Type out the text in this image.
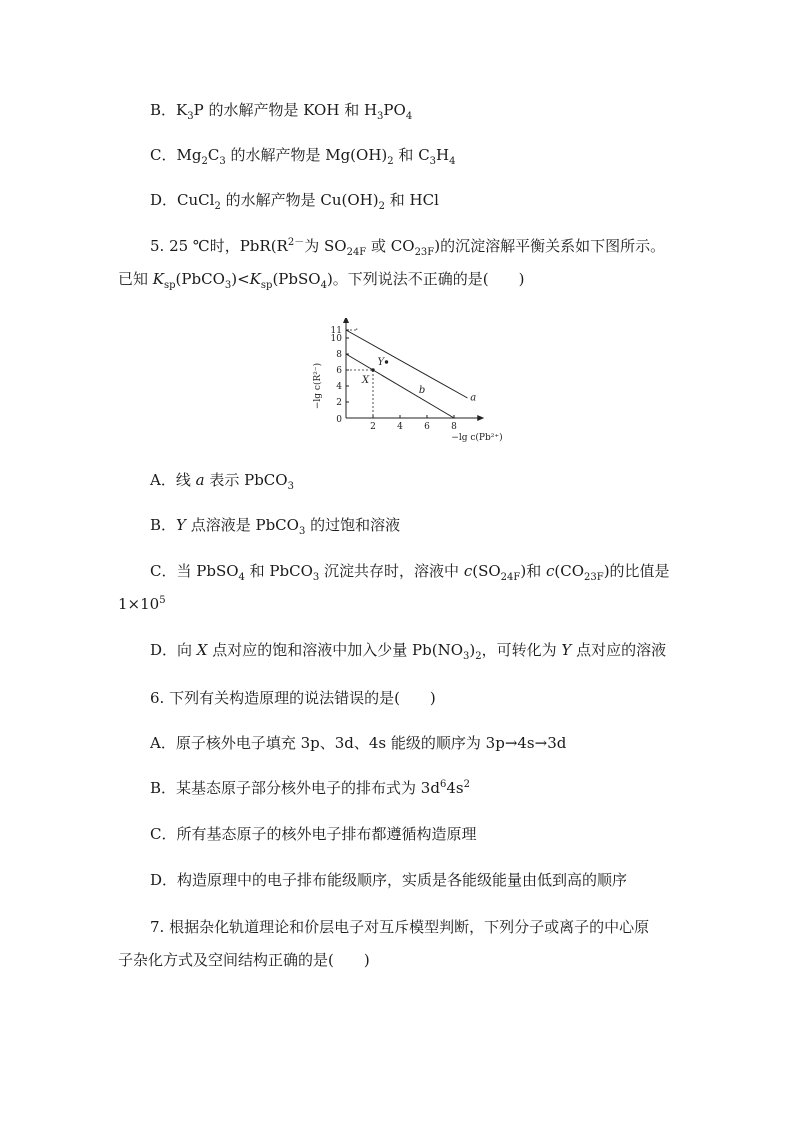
B．$K_3P$ 的水解产物是 KOH 和 $H_3PO_4$
C．$Mg_2C_3$ 的水解产物是 $Mg(OH)_2$ 和 $C_3H_4$
D．CuCl$_2$ 的水解产物是 $Cu(OH)_2$ 和 HCl
5. 25 ℃时，$PbR(R^{2-}$为 $SO_{24F}$ 或 $CO_{23F}$)的沉淀溶解平衡关系如下图所示。
已知 $K_{sp}(PbCO_3)<K_{sp}(PbSO_4)$。下列说法不正确的是(　　)
2 4 6 8
0
2
4
6
8
10
11
a
b
X
Y
−lg c(Pb²⁺)
−lg c(R²⁻)
A．线 a 表示 PbCO$_3$
B．Y 点溶液是 PbCO$_3$ 的过饱和溶液
C．当 PbSO$_4$ 和 PbCO$_3$ 沉淀共存时，溶液中 $c(SO_{24F})$和 $c(CO_{23F})$的比值是
$1\times 10^5$
D．向 X 点对应的饱和溶液中加入少量 $Pb(NO_3)_2$，可转化为 Y 点对应的溶液
6. 下列有关构造原理的说法错误的是(　　)
A．原子核外电子填充 3p、3d、4s 能级的顺序为 3p→4s→3d
B．某基态原子部分核外电子的排布式为 $3d^64s^2$
C．所有基态原子的核外电子排布都遵循构造原理
D．构造原理中的电子排布能级顺序，实质是各能级能量由低到高的顺序
7. 根据杂化轨道理论和价层电子对互斥模型判断，下列分子或离子的中心原
子杂化方式及空间结构正确的是(　　)
